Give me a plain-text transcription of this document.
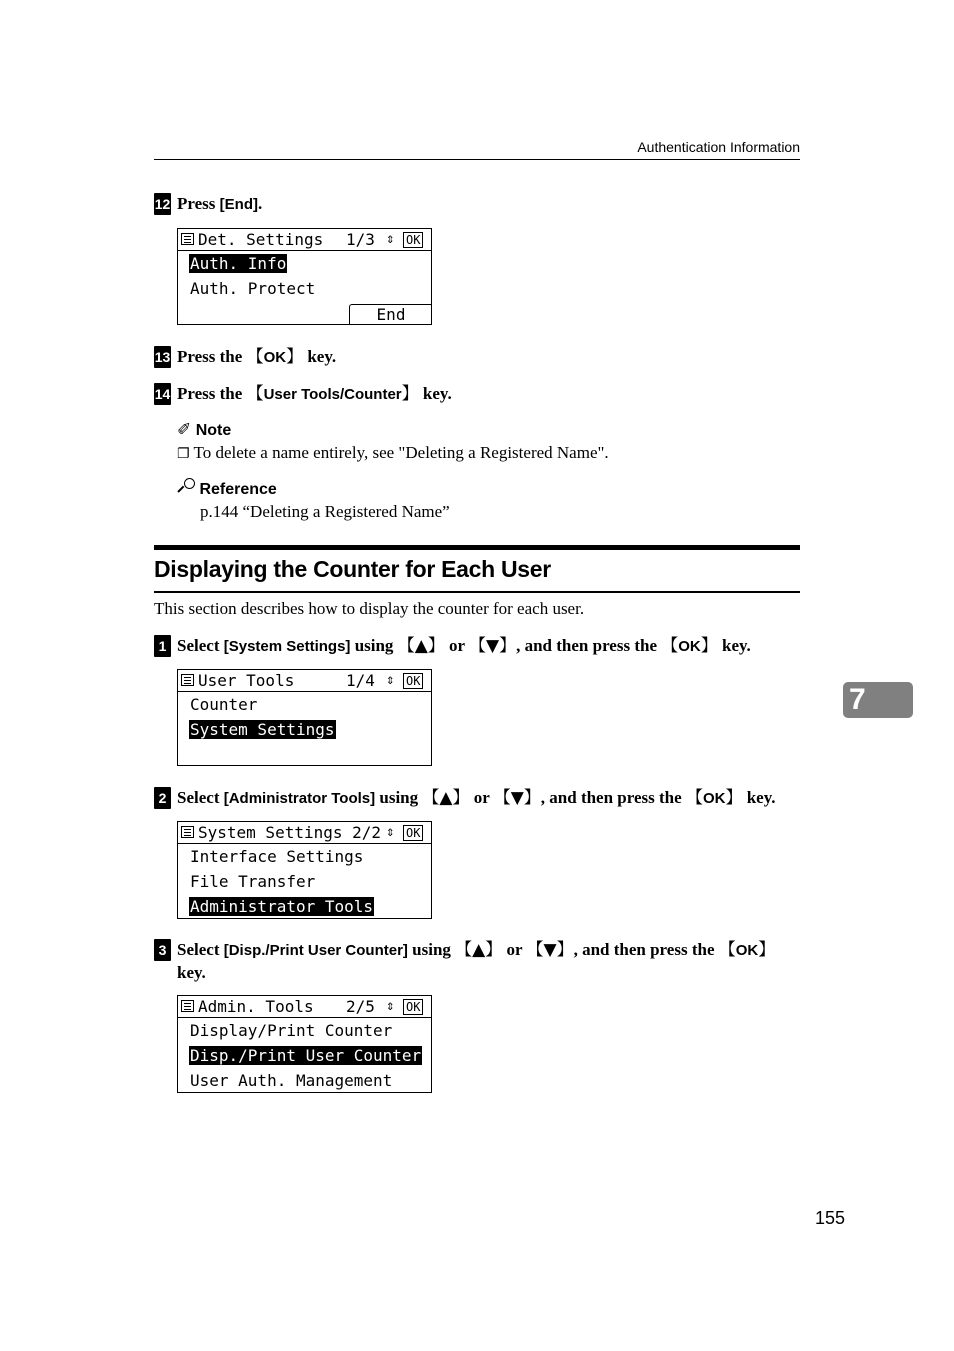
Authentication Information
12 Press [End].
Det. Settings 1/3 ⇕ OK
Auth. Info
Auth. Protect
End
13 Press the 【OK】 key.
14 Press the 【User Tools/Counter】 key.
✐ Note
❐ To delete a name entirely, see "Deleting a Registered Name".
Reference
p.144 “Deleting a Registered Name”
Displaying the Counter for Each User
This section describes how to display the counter for each user.
1 Select [System Settings] using 【▲】 or 【▼】, and then press the 【OK】 key.
User Tools	1/4 ⇕ OK
Counter
System Settings
2 Select [Administrator Tools] using 【▲】 or 【▼】, and then press the 【OK】 key.
System Settings 2/2 ⇕ OK
Interface Settings
File Transfer
Administrator Tools
3 Select [Disp./Print User Counter] using 【▲】 or 【▼】, and then press the 【OK】
key.
Admin. Tools 2/5 ⇕ OK
Display/Print Counter
Disp./Print User Counter
User Auth. Management
7
155
